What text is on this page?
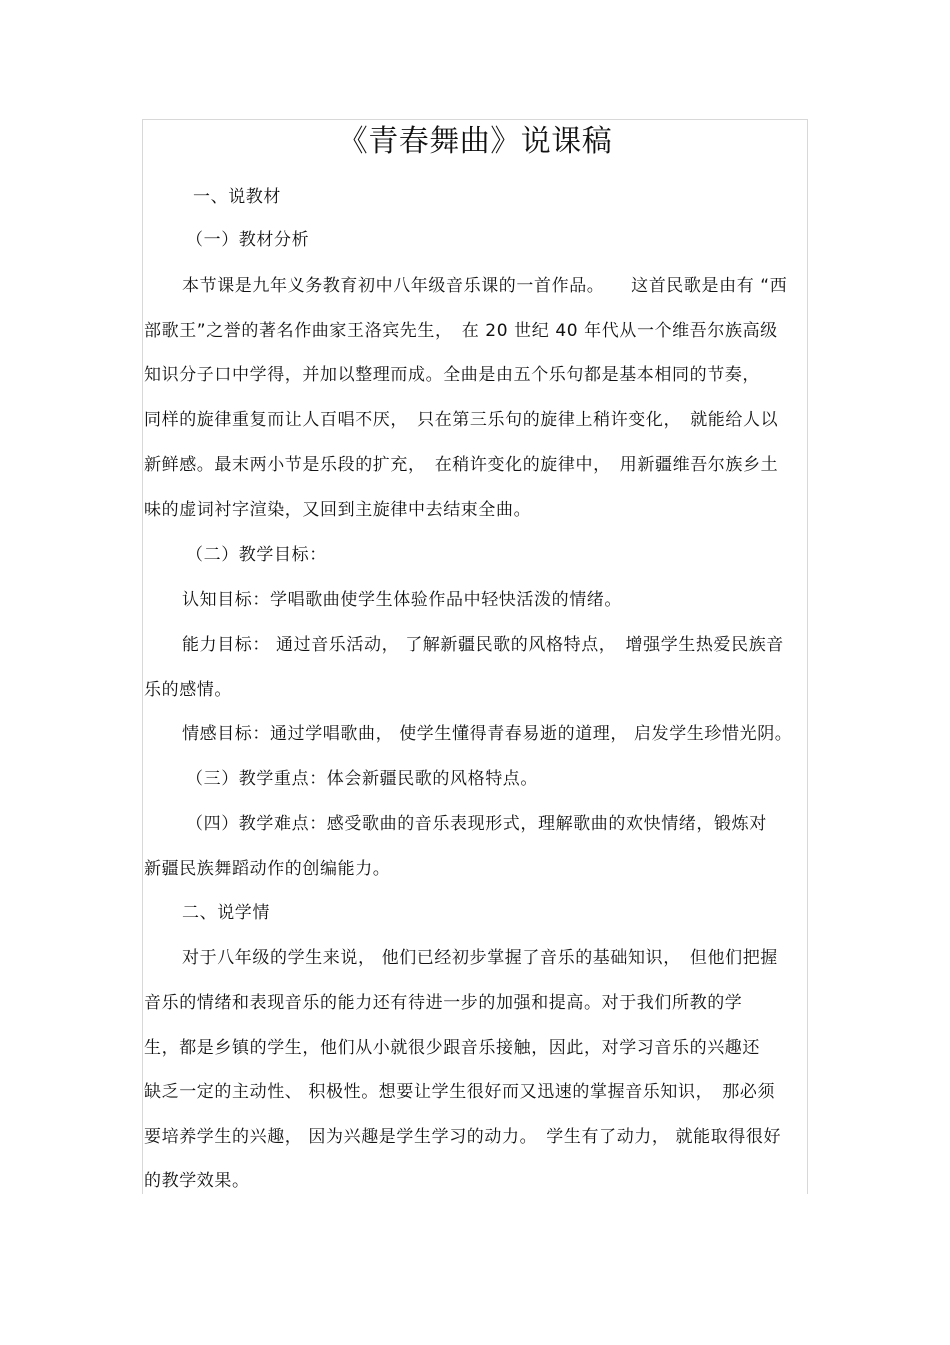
《青春舞曲》说课稿
一、说教材
（一）教材分析
本节课是九年义务教育初中八年级音乐课的一首作品。　　这首民歌是由有 “西
部歌王”之誉的著名作曲家王洛宾先生，　在 20 世纪 40 年代从一个维吾尔族高级
知识分子口中学得，并加以整理而成。全曲是由五个乐句都是基本相同的节奏，
同样的旋律重复而让人百唱不厌，　只在第三乐句的旋律上稍许变化，　就能给人以
新鲜感。最末两小节是乐段的扩充，　在稍许变化的旋律中，　用新疆维吾尔族乡土
味的虚词衬字渲染，又回到主旋律中去结束全曲。
（二）教学目标：
认知目标：学唱歌曲使学生体验作品中轻快活泼的情绪。
能力目标： 通过音乐活动， 了解新疆民歌的风格特点，　增强学生热爱民族音
乐的感情。
情感目标：通过学唱歌曲， 使学生懂得青春易逝的道理， 启发学生珍惜光阴。
（三）教学重点：体会新疆民歌的风格特点。
（四）教学难点：感受歌曲的音乐表现形式，理解歌曲的欢快情绪，锻炼对
新疆民族舞蹈动作的创编能力。
二、说学情
对于八年级的学生来说， 他们已经初步掌握了音乐的基础知识，　但他们把握
音乐的情绪和表现音乐的能力还有待进一步的加强和提高。对于我们所教的学
生，都是乡镇的学生，他们从小就很少跟音乐接触，因此，对学习音乐的兴趣还
缺乏一定的主动性、 积极性。想要让学生很好而又迅速的掌握音乐知识，　那必须
要培养学生的兴趣， 因为兴趣是学生学习的动力。　学生有了动力， 就能取得很好
的教学效果。
